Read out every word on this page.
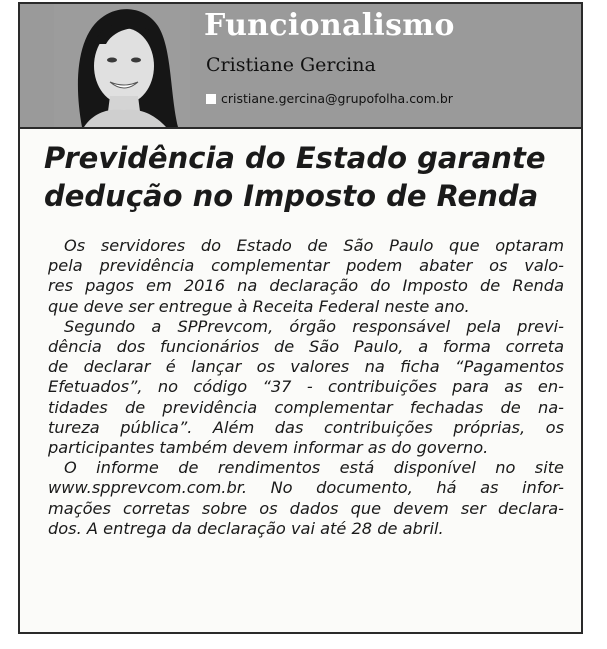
Funcionalismo
Cristiane Gercina
cristiane.gercina@grupofolha.com.br
Previdência do Estado garante
dedução no Imposto de Renda

Os servidores do Estado de São Paulo que optaram
pela previdência complementar podem abater os valo-
res pagos em 2016 na declaração do Imposto de Renda
que deve ser entregue à Receita Federal neste ano.

Segundo a SPPrevcom, órgão responsável pela previ-
dência dos funcionários de São Paulo, a forma correta
de declarar é lançar os valores na ficha “Pagamentos
Efetuados”, no código “37 - contribuições para as en-
tidades de previdência complementar fechadas de na-
tureza pública”. Além das contribuições próprias, os
participantes também devem informar as do governo.

O informe de rendimentos está disponível no site
www.spprevcom.com.br. No documento, há as infor-
mações corretas sobre os dados que devem ser declara-
dos. A entrega da declaração vai até 28 de abril.
